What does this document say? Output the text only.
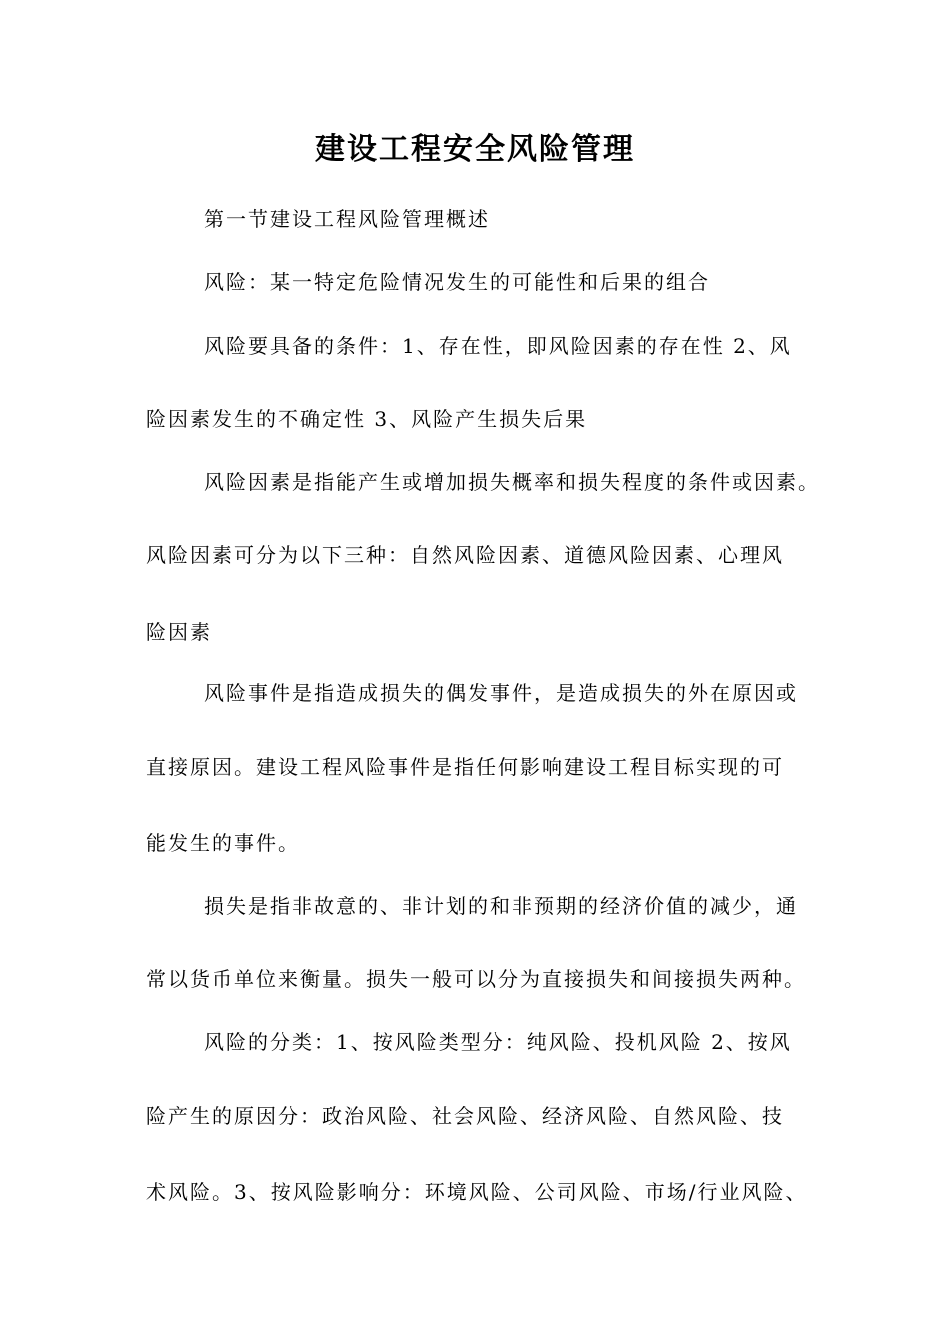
建设工程安全风险管理
第一节建设工程风险管理概述
风险：某一特定危险情况发生的可能性和后果的组合
风险要具备的条件：1、存在性，即风险因素的存在性 2、风
险因素发生的不确定性 3、风险产生损失后果
风险因素是指能产生或增加损失概率和损失程度的条件或因素。
风险因素可分为以下三种：自然风险因素、道德风险因素、心理风
险因素
风险事件是指造成损失的偶发事件，是造成损失的外在原因或
直接原因。建设工程风险事件是指任何影响建设工程目标实现的可
能发生的事件。
损失是指非故意的、非计划的和非预期的经济价值的减少，通
常以货币单位来衡量。损失一般可以分为直接损失和间接损失两种。
风险的分类：1、按风险类型分：纯风险、投机风险 2、按风
险产生的原因分：政治风险、社会风险、经济风险、自然风险、技
术风险。3、按风险影响分：环境风险、公司风险、市场/行业风险、
